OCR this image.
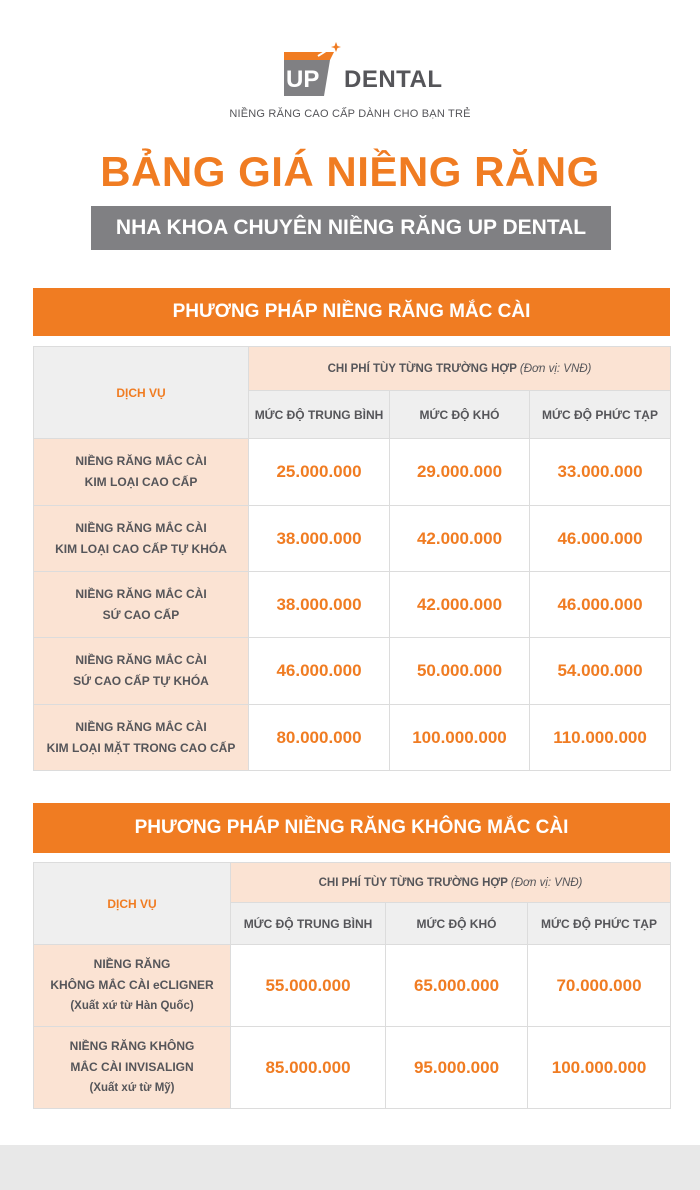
UP DENTAL
NIỀNG RĂNG CAO CẤP DÀNH CHO BẠN TRẺ
BẢNG GIÁ NIỀNG RĂNG
NHA KHOA CHUYÊN NIỀNG RĂNG UP DENTAL
PHƯƠNG PHÁP NIỀNG RĂNG MẮC CÀI
DỊCH VỤ	CHI PHÍ TÙY TỪNG TRƯỜNG HỢP (Đơn vị: VNĐ)		
	MỨC ĐỘ TRUNG BÌNH	MỨC ĐỘ KHÓ	MỨC ĐỘ PHỨC TẠP

NIỀNG RĂNG MẮC CÀI
KIM LOẠI CAO CẤP	25.000.000	29.000.000	33.000.000

NIỀNG RĂNG MẮC CÀI
KIM LOẠI CAO CẤP TỰ KHÓA	38.000.000	42.000.000	46.000.000

NIỀNG RĂNG MẮC CÀI
SỨ CAO CẤP	38.000.000	42.000.000	46.000.000

NIỀNG RĂNG MẮC CÀI
SỨ CAO CẤP TỰ KHÓA	46.000.000	50.000.000	54.000.000

NIỀNG RĂNG MẮC CÀI
KIM LOẠI MẶT TRONG CAO CẤP	80.000.000	100.000.000	110.000.000
PHƯƠNG PHÁP NIỀNG RĂNG KHÔNG MẮC CÀI
DỊCH VỤ	CHI PHÍ TÙY TỪNG TRƯỜNG HỢP (Đơn vị: VNĐ)		
	MỨC ĐỘ TRUNG BÌNH	MỨC ĐỘ KHÓ	MỨC ĐỘ PHỨC TẠP

NIỀNG RĂNG
KHÔNG MẮC CÀI eCLIGNER
(Xuất xứ từ Hàn Quốc)	55.000.000	65.000.000	70.000.000

NIỀNG RĂNG KHÔNG
MẮC CÀI INVISALIGN
(Xuất xứ từ Mỹ)	85.000.000	95.000.000	100.000.000
